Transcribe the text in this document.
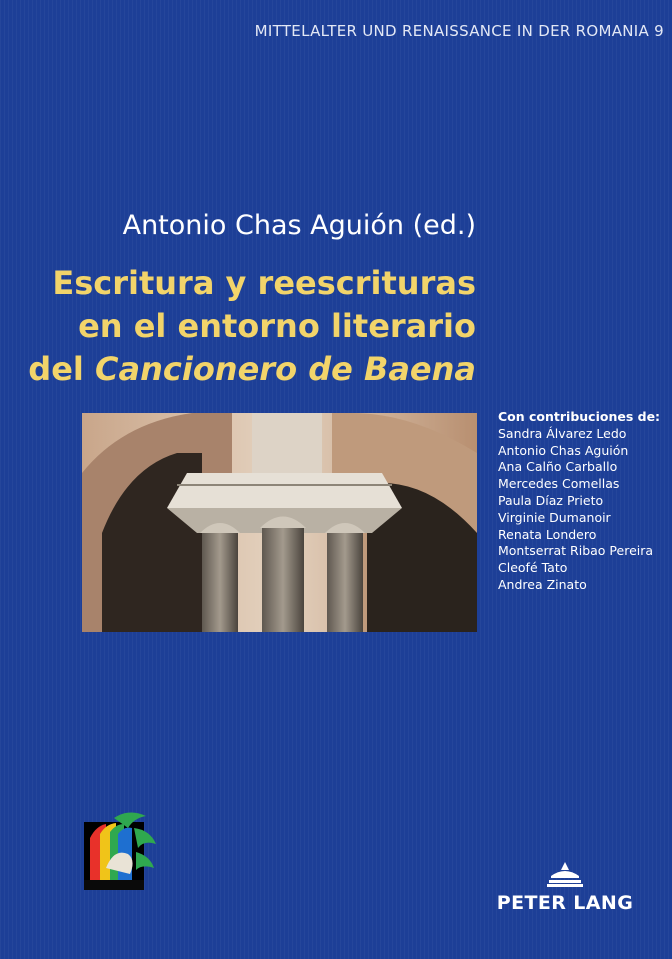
MITTELALTER UND RENAISSANCE IN DER ROMANIA 9
Antonio Chas Aguión (ed.)
Escritura y reescrituras
en el entorno literario
del Cancionero de Baena
Con contribuciones de:
Sandra Álvarez Ledo
Antonio Chas Aguión
Ana Calño Carballo
Mercedes Comellas
Paula Díaz Prieto
Virginie Dumanoir
Renata Londero
Montserrat Ribao Pereira
Cleofé Tato
Andrea Zinato
PETER LANG
